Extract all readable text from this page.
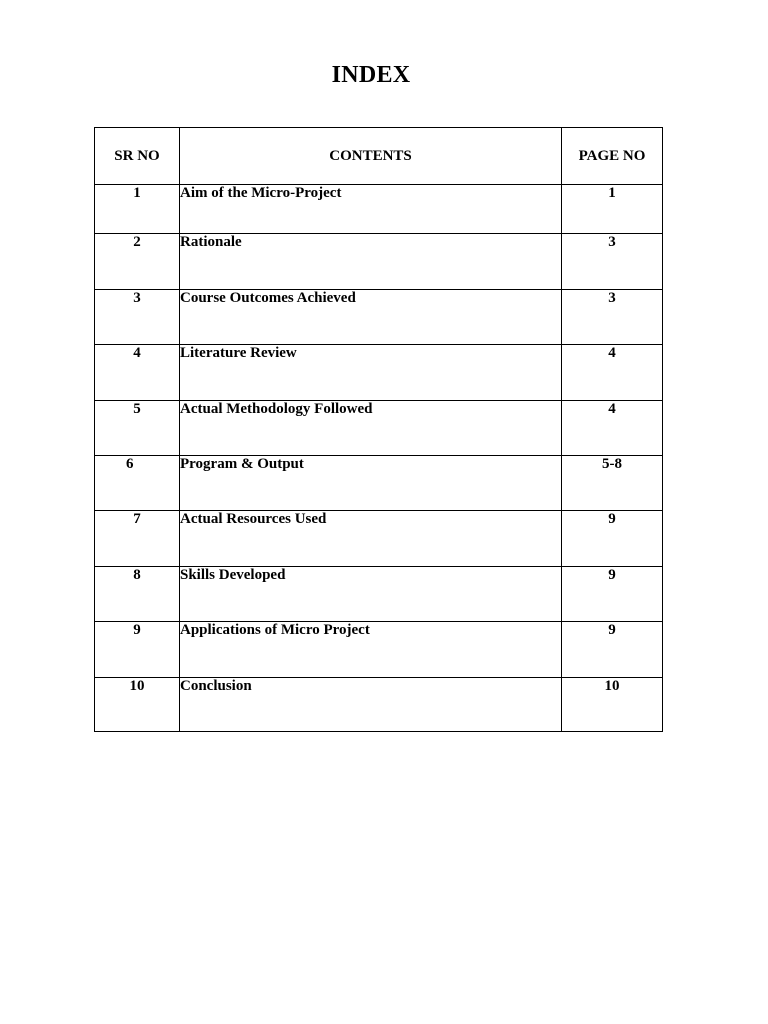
INDEX
SR NO	CONTENTS	PAGE NO
1	Aim of the Micro-Project	1
2	Rationale	3
3	Course Outcomes Achieved	3
4	Literature Review	4
5	Actual Methodology Followed	4
6	Program & Output	5-8
7	Actual Resources Used	9
8	Skills Developed	9
9	Applications of Micro Project	9
10	Conclusion	10
